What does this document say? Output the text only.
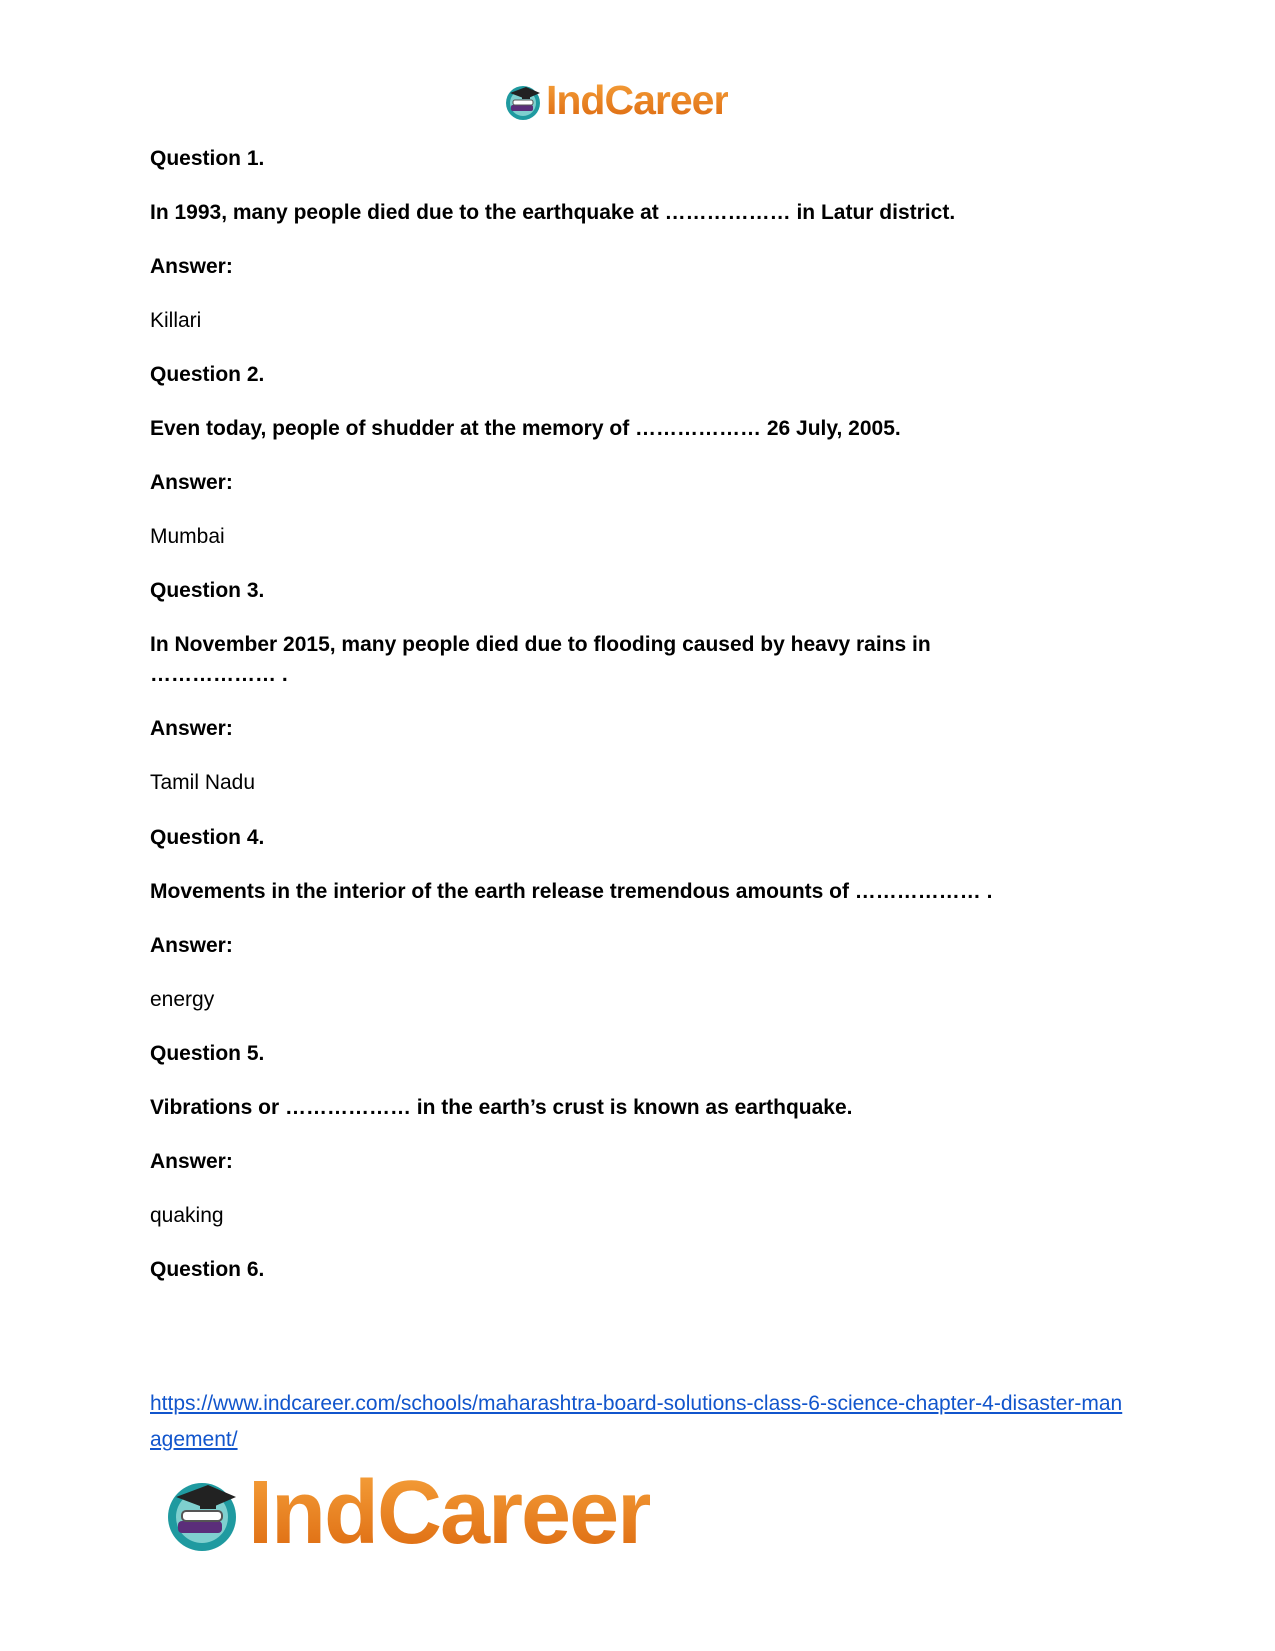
IndCareer
Question 1.
In 1993, many people died due to the earthquake at ……………… in Latur district.
Answer:
Killari
Question 2.
Even today, people of shudder at the memory of ……………… 26 July, 2005.
Answer:
Mumbai
Question 3.
In November 2015, many people died due to flooding caused by heavy rains in
……………… .
Answer:
Tamil Nadu
Question 4.
Movements in the interior of the earth release tremendous amounts of ……………… .
Answer:
energy
Question 5.
Vibrations or ……………… in the earth’s crust is known as earthquake.
Answer:
quaking
Question 6.
https://www.indcareer.com/schools/maharashtra-board-solutions-class-6-science-chapter-4-disaster-management/
IndCareer
